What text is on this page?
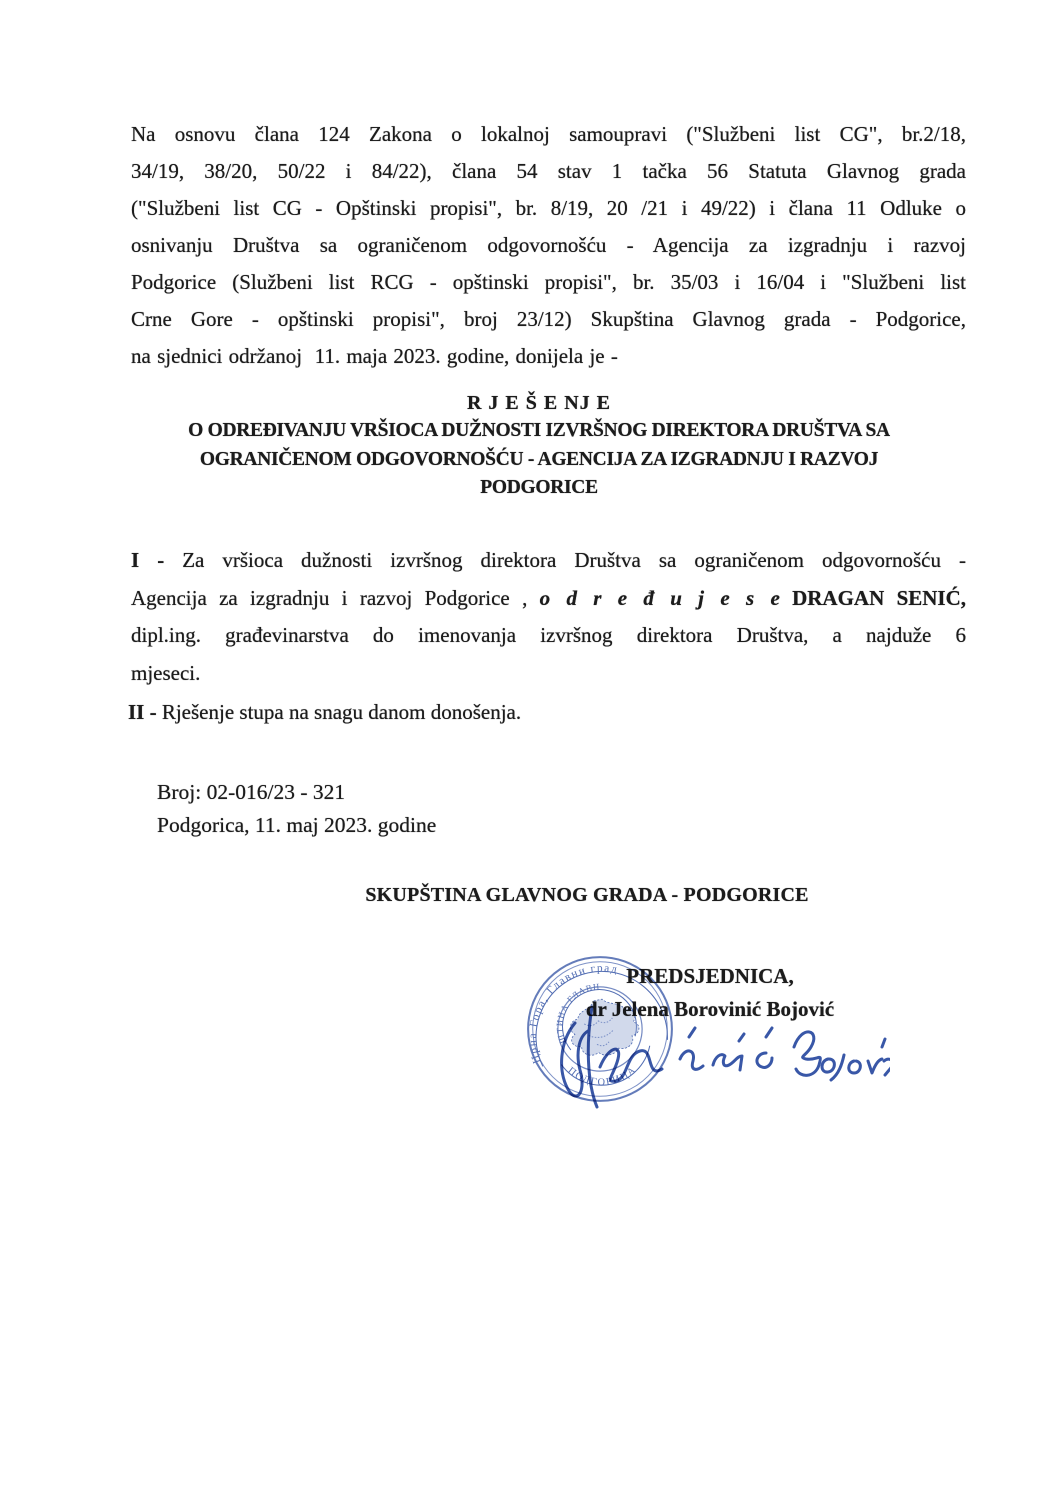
Na osnovu člana 124 Zakona o lokalnoj samoupravi ("Službeni list CG", br.2/18,
34/19, 38/20, 50/22 i 84/22), člana 54 stav 1 tačka 56 Statuta Glavnog grada
("Službeni list CG - Opštinski propisi", br. 8/19, 20 /21 i 49/22) i člana 11 Odluke o
osnivanju Društva sa ograničenom odgovornošću - Agencija za izgradnju i razvoj
Podgorice (Službeni list RCG - opštinski propisi", br. 35/03 i 16/04 i "Službeni list
Crne Gore - opštinski propisi", broj 23/12) Skupština Glavnog grada - Podgorice,
na sjednici održanoj  11. maja 2023. godine, donijela je -
R J E Š E NJ E
O ODREĐIVANJU VRŠIOCA DUŽNOSTI IZVRŠNOG DIREKTORA DRUŠTVA SA
OGRANIČENOM ODGOVORNOŠĆU - AGENCIJA ZA IZGRADNJU I RAZVOJ
PODGORICE
I - Za vršioca dužnosti izvršnog direktora Društva sa ograničenom odgovornošću -
Agencija za izgradnju i razvoj Podgorice , o d r e đ u j e s e DRAGAN SENIĆ,
dipl.ing. građevinarstva do imenovanja izvršnog direktora Društva, a najduže 6
mjeseci.
II - Rješenje stupa na snagu danom donošenja.
Broj: 02-016/23 - 321
Podgorica, 11. maj 2023. godine
SKUPŠTINA GLAVNOG GRADA - PODGORICE
PREDSJEDNICA,
dr Jelena Borovinić Bojović
Црна Гора, Главни град
ШТИНА ГЛАВН
ПОДГОРИЦА
